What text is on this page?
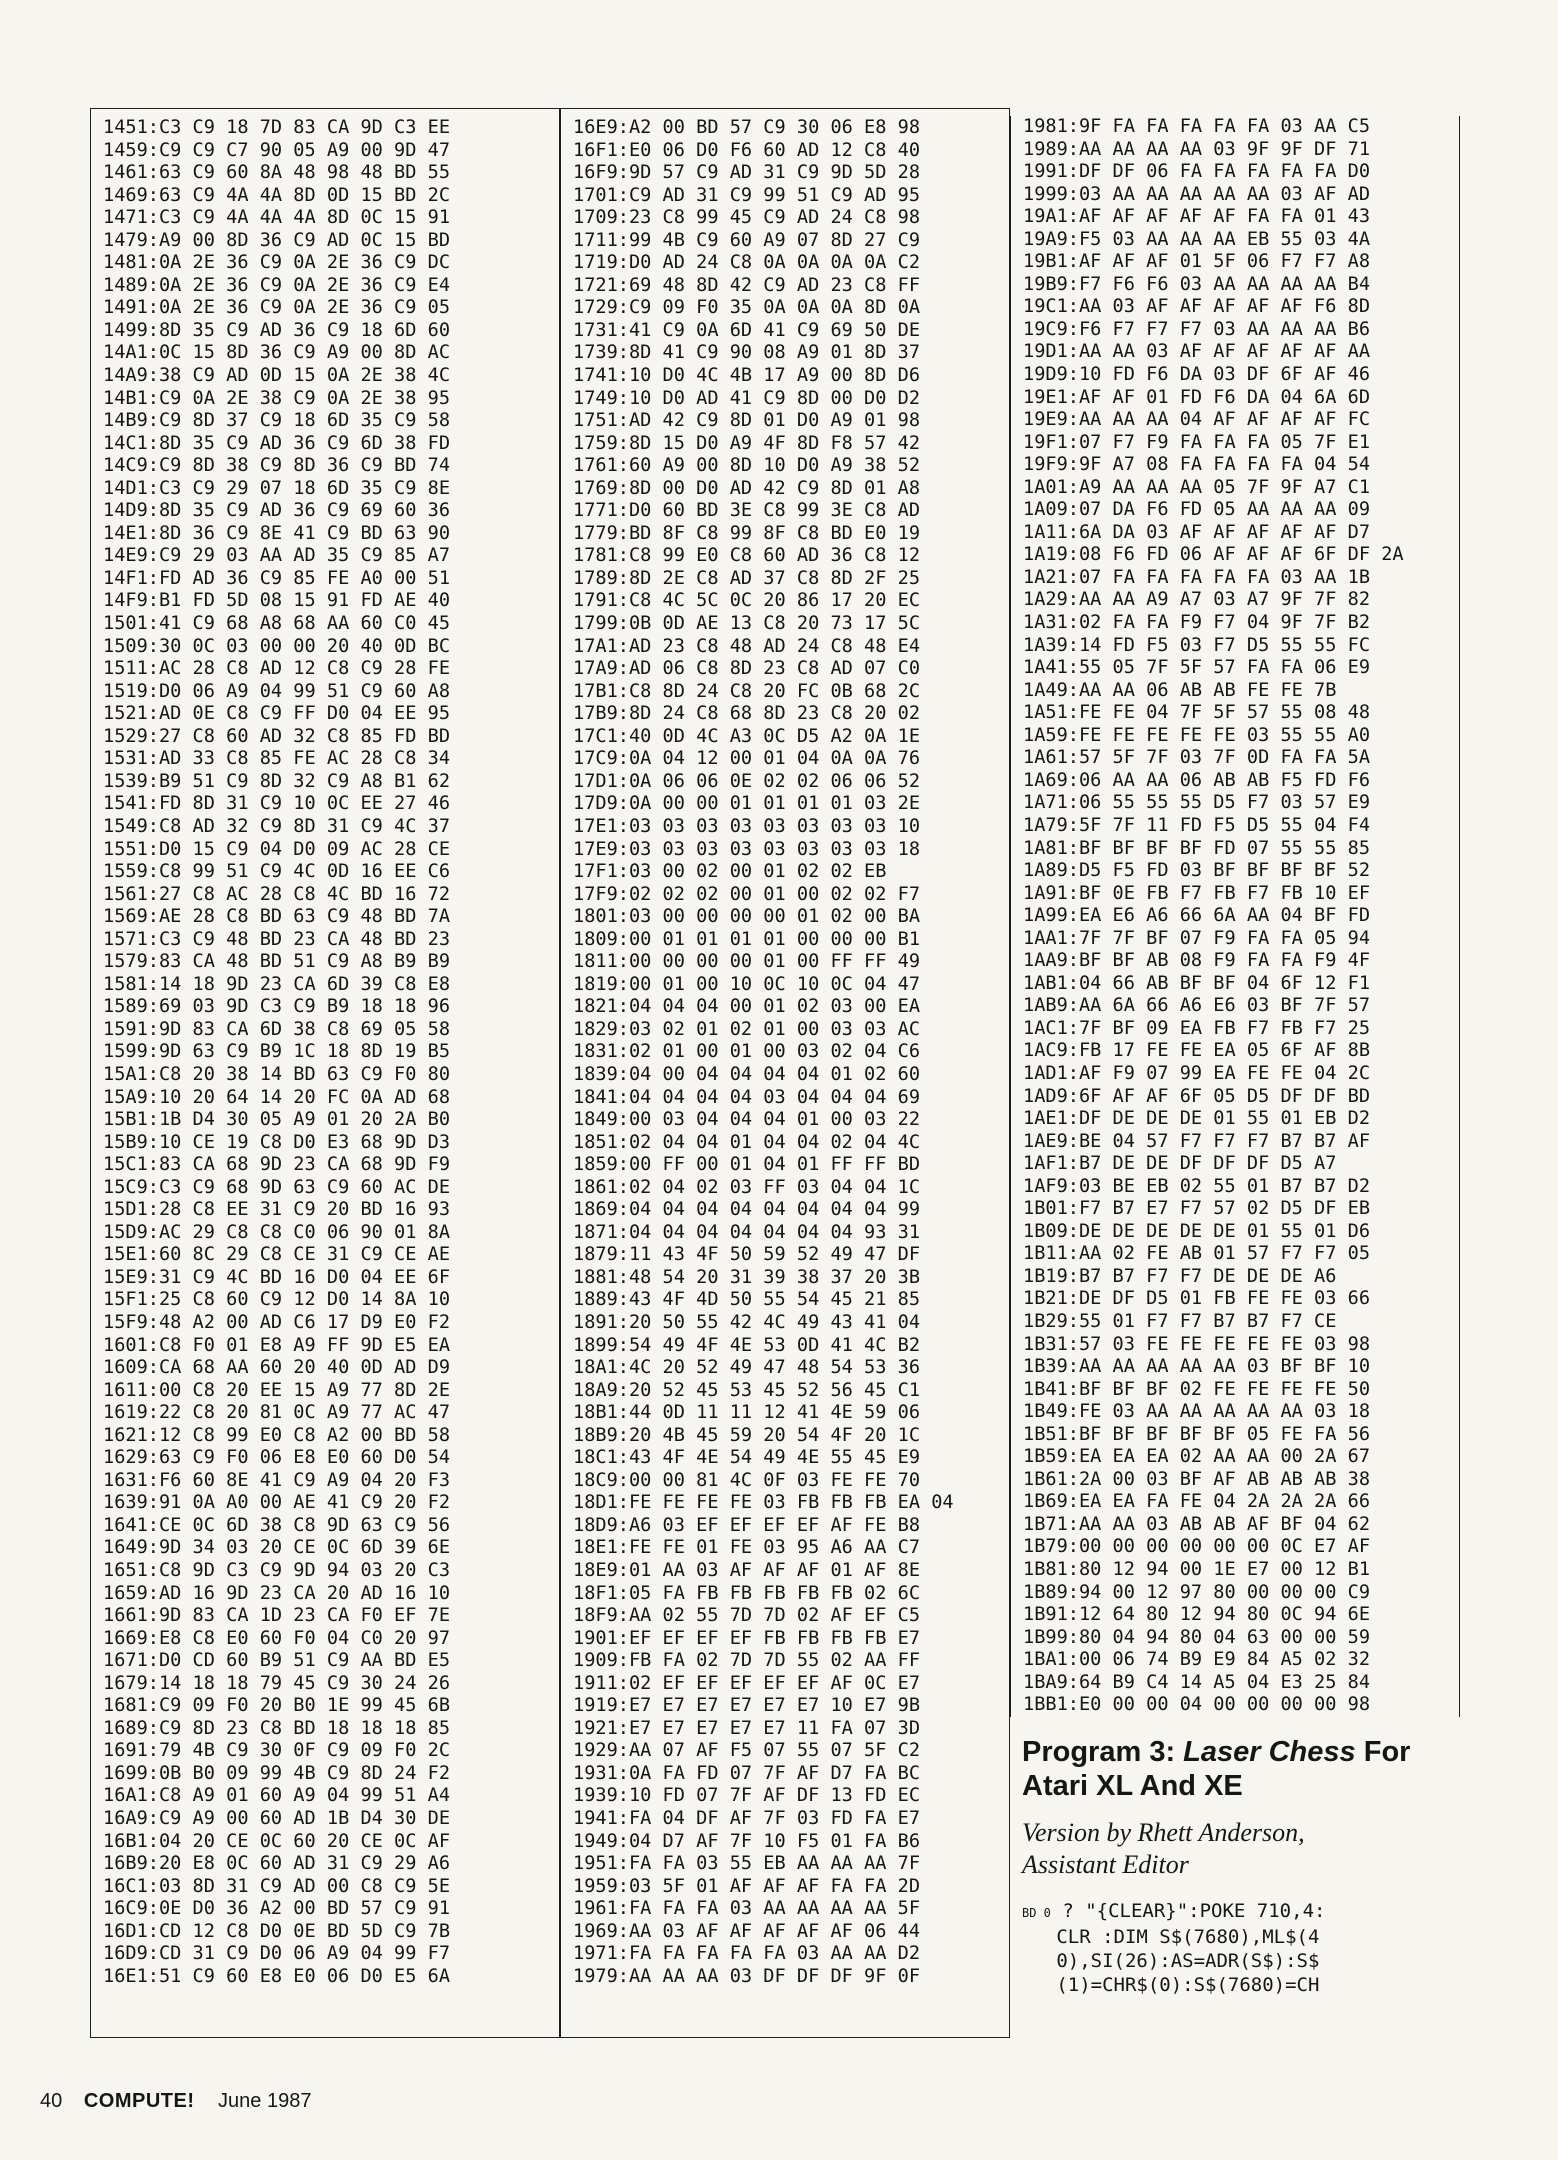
1451:C3 C9 18 7D 83 CA 9D C3 EE
1459:C9 C9 C7 90 05 A9 00 9D 47
1461:63 C9 60 8A 48 98 48 BD 55
1469:63 C9 4A 4A 8D 0D 15 BD 2C
1471:C3 C9 4A 4A 4A 8D 0C 15 91
1479:A9 00 8D 36 C9 AD 0C 15 BD
1481:0A 2E 36 C9 0A 2E 36 C9 DC
1489:0A 2E 36 C9 0A 2E 36 C9 E4
1491:0A 2E 36 C9 0A 2E 36 C9 05
1499:8D 35 C9 AD 36 C9 18 6D 60
14A1:0C 15 8D 36 C9 A9 00 8D AC
14A9:38 C9 AD 0D 15 0A 2E 38 4C
14B1:C9 0A 2E 38 C9 0A 2E 38 95
14B9:C9 8D 37 C9 18 6D 35 C9 58
14C1:8D 35 C9 AD 36 C9 6D 38 FD
14C9:C9 8D 38 C9 8D 36 C9 BD 74
14D1:C3 C9 29 07 18 6D 35 C9 8E
14D9:8D 35 C9 AD 36 C9 69 60 36
14E1:8D 36 C9 8E 41 C9 BD 63 90
14E9:C9 29 03 AA AD 35 C9 85 A7
14F1:FD AD 36 C9 85 FE A0 00 51
14F9:B1 FD 5D 08 15 91 FD AE 40
1501:41 C9 68 A8 68 AA 60 C0 45
1509:30 0C 03 00 00 20 40 0D BC
1511:AC 28 C8 AD 12 C8 C9 28 FE
1519:D0 06 A9 04 99 51 C9 60 A8
1521:AD 0E C8 C9 FF D0 04 EE 95
1529:27 C8 60 AD 32 C8 85 FD BD
1531:AD 33 C8 85 FE AC 28 C8 34
1539:B9 51 C9 8D 32 C9 A8 B1 62
1541:FD 8D 31 C9 10 0C EE 27 46
1549:C8 AD 32 C9 8D 31 C9 4C 37
1551:D0 15 C9 04 D0 09 AC 28 CE
1559:C8 99 51 C9 4C 0D 16 EE C6
1561:27 C8 AC 28 C8 4C BD 16 72
1569:AE 28 C8 BD 63 C9 48 BD 7A
1571:C3 C9 48 BD 23 CA 48 BD 23
1579:83 CA 48 BD 51 C9 A8 B9 B9
1581:14 18 9D 23 CA 6D 39 C8 E8
1589:69 03 9D C3 C9 B9 18 18 96
1591:9D 83 CA 6D 38 C8 69 05 58
1599:9D 63 C9 B9 1C 18 8D 19 B5
15A1:C8 20 38 14 BD 63 C9 F0 80
15A9:10 20 64 14 20 FC 0A AD 68
15B1:1B D4 30 05 A9 01 20 2A B0
15B9:10 CE 19 C8 D0 E3 68 9D D3
15C1:83 CA 68 9D 23 CA 68 9D F9
15C9:C3 C9 68 9D 63 C9 60 AC DE
15D1:28 C8 EE 31 C9 20 BD 16 93
15D9:AC 29 C8 C8 C0 06 90 01 8A
15E1:60 8C 29 C8 CE 31 C9 CE AE
15E9:31 C9 4C BD 16 D0 04 EE 6F
15F1:25 C8 60 C9 12 D0 14 8A 10
15F9:48 A2 00 AD C6 17 D9 E0 F2
1601:C8 F0 01 E8 A9 FF 9D E5 EA
1609:CA 68 AA 60 20 40 0D AD D9
1611:00 C8 20 EE 15 A9 77 8D 2E
1619:22 C8 20 81 0C A9 77 AC 47
1621:12 C8 99 E0 C8 A2 00 BD 58
1629:63 C9 F0 06 E8 E0 60 D0 54
1631:F6 60 8E 41 C9 A9 04 20 F3
1639:91 0A A0 00 AE 41 C9 20 F2
1641:CE 0C 6D 38 C8 9D 63 C9 56
1649:9D 34 03 20 CE 0C 6D 39 6E
1651:C8 9D C3 C9 9D 94 03 20 C3
1659:AD 16 9D 23 CA 20 AD 16 10
1661:9D 83 CA 1D 23 CA F0 EF 7E
1669:E8 C8 E0 60 F0 04 C0 20 97
1671:D0 CD 60 B9 51 C9 AA BD E5
1679:14 18 18 79 45 C9 30 24 26
1681:C9 09 F0 20 B0 1E 99 45 6B
1689:C9 8D 23 C8 BD 18 18 18 85
1691:79 4B C9 30 0F C9 09 F0 2C
1699:0B B0 09 99 4B C9 8D 24 F2
16A1:C8 A9 01 60 A9 04 99 51 A4
16A9:C9 A9 00 60 AD 1B D4 30 DE
16B1:04 20 CE 0C 60 20 CE 0C AF
16B9:20 E8 0C 60 AD 31 C9 29 A6
16C1:03 8D 31 C9 AD 00 C8 C9 5E
16C9:0E D0 36 A2 00 BD 57 C9 91
16D1:CD 12 C8 D0 0E BD 5D C9 7B
16D9:CD 31 C9 D0 06 A9 04 99 F7
16E1:51 C9 60 E8 E0 06 D0 E5 6A
16E9:A2 00 BD 57 C9 30 06 E8 98
16F1:E0 06 D0 F6 60 AD 12 C8 40
16F9:9D 57 C9 AD 31 C9 9D 5D 28
1701:C9 AD 31 C9 99 51 C9 AD 95
1709:23 C8 99 45 C9 AD 24 C8 98
1711:99 4B C9 60 A9 07 8D 27 C9
1719:D0 AD 24 C8 0A 0A 0A 0A C2
1721:69 48 8D 42 C9 AD 23 C8 FF
1729:C9 09 F0 35 0A 0A 0A 8D 0A
1731:41 C9 0A 6D 41 C9 69 50 DE
1739:8D 41 C9 90 08 A9 01 8D 37
1741:10 D0 4C 4B 17 A9 00 8D D6
1749:10 D0 AD 41 C9 8D 00 D0 D2
1751:AD 42 C9 8D 01 D0 A9 01 98
1759:8D 15 D0 A9 4F 8D F8 57 42
1761:60 A9 00 8D 10 D0 A9 38 52
1769:8D 00 D0 AD 42 C9 8D 01 A8
1771:D0 60 BD 3E C8 99 3E C8 AD
1779:BD 8F C8 99 8F C8 BD E0 19
1781:C8 99 E0 C8 60 AD 36 C8 12
1789:8D 2E C8 AD 37 C8 8D 2F 25
1791:C8 4C 5C 0C 20 86 17 20 EC
1799:0B 0D AE 13 C8 20 73 17 5C
17A1:AD 23 C8 48 AD 24 C8 48 E4
17A9:AD 06 C8 8D 23 C8 AD 07 C0
17B1:C8 8D 24 C8 20 FC 0B 68 2C
17B9:8D 24 C8 68 8D 23 C8 20 02
17C1:40 0D 4C A3 0C D5 A2 0A 1E
17C9:0A 04 12 00 01 04 0A 0A 76
17D1:0A 06 06 0E 02 02 06 06 52
17D9:0A 00 00 01 01 01 01 03 2E
17E1:03 03 03 03 03 03 03 03 10
17E9:03 03 03 03 03 03 03 03 18
17F1:03 00 02 00 01 02 02 EB
17F9:02 02 02 00 01 00 02 02 F7
1801:03 00 00 00 00 01 02 00 BA
1809:00 01 01 01 01 00 00 00 B1
1811:00 00 00 00 01 00 FF FF 49
1819:00 01 00 10 0C 10 0C 04 47
1821:04 04 04 00 01 02 03 00 EA
1829:03 02 01 02 01 00 03 03 AC
1831:02 01 00 01 00 03 02 04 C6
1839:04 00 04 04 04 04 01 02 60
1841:04 04 04 04 03 04 04 04 69
1849:00 03 04 04 04 01 00 03 22
1851:02 04 04 01 04 04 02 04 4C
1859:00 FF 00 01 04 01 FF FF BD
1861:02 04 02 03 FF 03 04 04 1C
1869:04 04 04 04 04 04 04 04 99
1871:04 04 04 04 04 04 04 93 31
1879:11 43 4F 50 59 52 49 47 DF
1881:48 54 20 31 39 38 37 20 3B
1889:43 4F 4D 50 55 54 45 21 85
1891:20 50 55 42 4C 49 43 41 04
1899:54 49 4F 4E 53 0D 41 4C B2
18A1:4C 20 52 49 47 48 54 53 36
18A9:20 52 45 53 45 52 56 45 C1
18B1:44 0D 11 11 12 41 4E 59 06
18B9:20 4B 45 59 20 54 4F 20 1C
18C1:43 4F 4E 54 49 4E 55 45 E9
18C9:00 00 81 4C 0F 03 FE FE 70
18D1:FE FE FE FE 03 FB FB FB EA 04
18D9:A6 03 EF EF EF EF AF FE B8
18E1:FE FE 01 FE 03 95 A6 AA C7
18E9:01 AA 03 AF AF AF 01 AF 8E
18F1:05 FA FB FB FB FB FB 02 6C
18F9:AA 02 55 7D 7D 02 AF EF C5
1901:EF EF EF EF FB FB FB FB E7
1909:FB FA 02 7D 7D 55 02 AA FF
1911:02 EF EF EF EF EF AF 0C E7
1919:E7 E7 E7 E7 E7 E7 10 E7 9B
1921:E7 E7 E7 E7 E7 11 FA 07 3D
1929:AA 07 AF F5 07 55 07 5F C2
1931:0A FA FD 07 7F AF D7 FA BC
1939:10 FD 07 7F AF DF 13 FD EC
1941:FA 04 DF AF 7F 03 FD FA E7
1949:04 D7 AF 7F 10 F5 01 FA B6
1951:FA FA 03 55 EB AA AA AA 7F
1959:03 5F 01 AF AF AF FA FA 2D
1961:FA FA FA 03 AA AA AA AA 5F
1969:AA 03 AF AF AF AF AF 06 44
1971:FA FA FA FA FA 03 AA AA D2
1979:AA AA AA 03 DF DF DF 9F 0F
1981:9F FA FA FA FA FA 03 AA C5
1989:AA AA AA AA 03 9F 9F DF 71
1991:DF DF 06 FA FA FA FA FA D0
1999:03 AA AA AA AA AA 03 AF AD
19A1:AF AF AF AF AF FA FA 01 43
19A9:F5 03 AA AA AA EB 55 03 4A
19B1:AF AF AF 01 5F 06 F7 F7 A8
19B9:F7 F6 F6 03 AA AA AA AA B4
19C1:AA 03 AF AF AF AF AF F6 8D
19C9:F6 F7 F7 F7 03 AA AA AA B6
19D1:AA AA 03 AF AF AF AF AF AA
19D9:10 FD F6 DA 03 DF 6F AF 46
19E1:AF AF 01 FD F6 DA 04 6A 6D
19E9:AA AA AA 04 AF AF AF AF FC
19F1:07 F7 F9 FA FA FA 05 7F E1
19F9:9F A7 08 FA FA FA FA 04 54
1A01:A9 AA AA AA 05 7F 9F A7 C1
1A09:07 DA F6 FD 05 AA AA AA 09
1A11:6A DA 03 AF AF AF AF AF D7
1A19:08 F6 FD 06 AF AF AF 6F DF 2A
1A21:07 FA FA FA FA FA 03 AA 1B
1A29:AA AA A9 A7 03 A7 9F 7F 82
1A31:02 FA FA F9 F7 04 9F 7F B2
1A39:14 FD F5 03 F7 D5 55 55 FC
1A41:55 05 7F 5F 57 FA FA 06 E9
1A49:AA AA 06 AB AB FE FE 7B
1A51:FE FE 04 7F 5F 57 55 08 48
1A59:FE FE FE FE FE 03 55 55 A0
1A61:57 5F 7F 03 7F 0D FA FA 5A
1A69:06 AA AA 06 AB AB F5 FD F6
1A71:06 55 55 55 D5 F7 03 57 E9
1A79:5F 7F 11 FD F5 D5 55 04 F4
1A81:BF BF BF BF FD 07 55 55 85
1A89:D5 F5 FD 03 BF BF BF BF 52
1A91:BF 0E FB F7 FB F7 FB 10 EF
1A99:EA E6 A6 66 6A AA 04 BF FD
1AA1:7F 7F BF 07 F9 FA FA 05 94
1AA9:BF BF AB 08 F9 FA FA F9 4F
1AB1:04 66 AB BF BF 04 6F 12 F1
1AB9:AA 6A 66 A6 E6 03 BF 7F 57
1AC1:7F BF 09 EA FB F7 FB F7 25
1AC9:FB 17 FE FE EA 05 6F AF 8B
1AD1:AF F9 07 99 EA FE FE 04 2C
1AD9:6F AF AF 6F 05 D5 DF DF BD
1AE1:DF DE DE DE 01 55 01 EB D2
1AE9:BE 04 57 F7 F7 F7 B7 B7 AF
1AF1:B7 DE DE DF DF DF D5 A7
1AF9:03 BE EB 02 55 01 B7 B7 D2
1B01:F7 B7 E7 F7 57 02 D5 DF EB
1B09:DE DE DE DE DE 01 55 01 D6
1B11:AA 02 FE AB 01 57 F7 F7 05
1B19:B7 B7 F7 F7 DE DE DE A6
1B21:DE DF D5 01 FB FE FE 03 66
1B29:55 01 F7 F7 B7 B7 F7 CE
1B31:57 03 FE FE FE FE FE 03 98
1B39:AA AA AA AA AA 03 BF BF 10
1B41:BF BF BF 02 FE FE FE FE 50
1B49:FE 03 AA AA AA AA AA 03 18
1B51:BF BF BF BF BF 05 FE FA 56
1B59:EA EA EA 02 AA AA 00 2A 67
1B61:2A 00 03 BF AF AB AB AB 38
1B69:EA EA FA FE 04 2A 2A 2A 66
1B71:AA AA 03 AB AB AF BF 04 62
1B79:00 00 00 00 00 00 0C E7 AF
1B81:80 12 94 00 1E E7 00 12 B1
1B89:94 00 12 97 80 00 00 00 C9
1B91:12 64 80 12 94 80 0C 94 6E
1B99:80 04 94 80 04 63 00 00 59
1BA1:00 06 74 B9 E9 84 A5 02 32
1BA9:64 B9 C4 14 A5 04 E3 25 84
1BB1:E0 00 00 04 00 00 00 00 98
Program 3: Laser Chess For Atari XL And XE
Version by Rhett Anderson,
Assistant Editor
BD 0 ? "{CLEAR}":POKE 710,4:
CLR :DIM S$(7680),ML$(4
0),SI(26):AS=ADR(S$):S$
(1)=CHR$(0):S$(7680)=CH
40 COMPUTE! June 1987
